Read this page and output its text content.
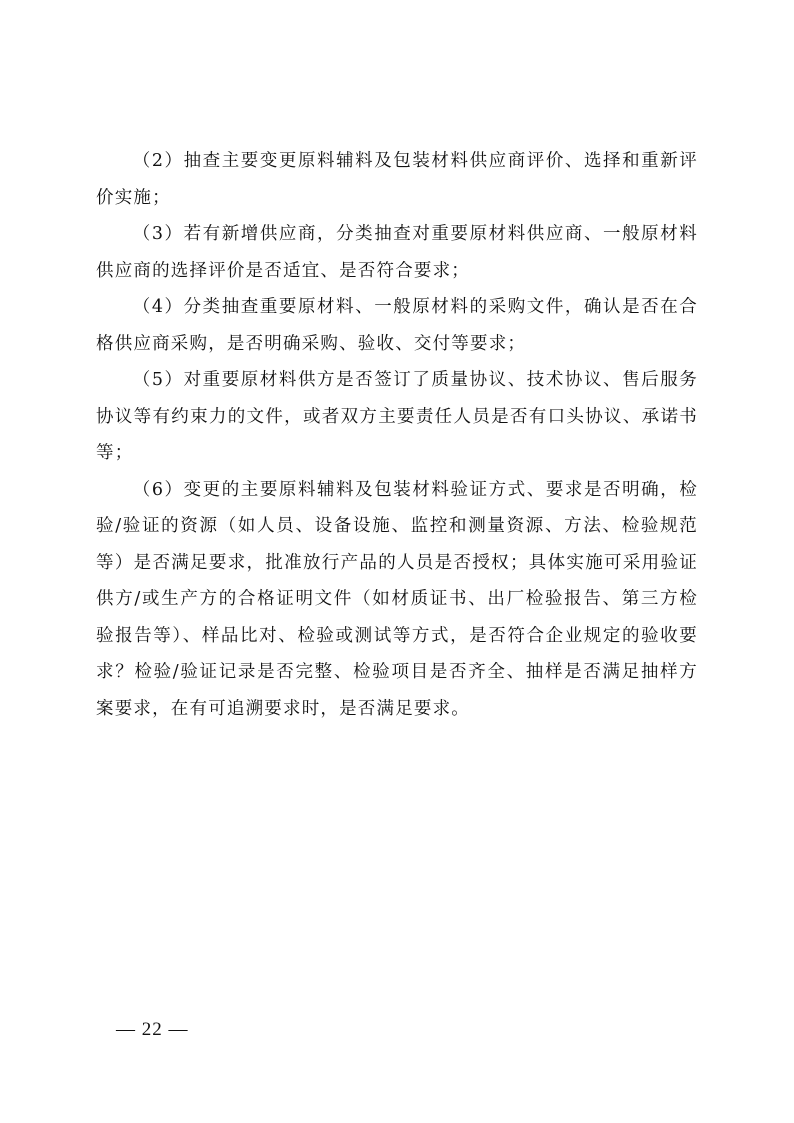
（2）抽查主要变更原料辅料及包装材料供应商评价、选择和重新评价实施；

（3）若有新增供应商，分类抽查对重要原材料供应商、一般原材料供应商的选择评价是否适宜、是否符合要求；

（4）分类抽查重要原材料、一般原材料的采购文件，确认是否在合格供应商采购，是否明确采购、验收、交付等要求；

（5）对重要原材料供方是否签订了质量协议、技术协议、售后服务协议等有约束力的文件，或者双方主要责任人员是否有口头协议、承诺书等；

（6）变更的主要原料辅料及包装材料验证方式、要求是否明确，检验/验证的资源（如人员、设备设施、监控和测量资源、方法、检验规范等）是否满足要求，批准放行产品的人员是否授权；具体实施可采用验证供方/或生产方的合格证明文件（如材质证书、出厂检验报告、第三方检验报告等）、样品比对、检验或测试等方式，是否符合企业规定的验收要求？检验/验证记录是否完整、检验项目是否齐全、抽样是否满足抽样方案要求，在有可追溯要求时，是否满足要求。

— 22 —
